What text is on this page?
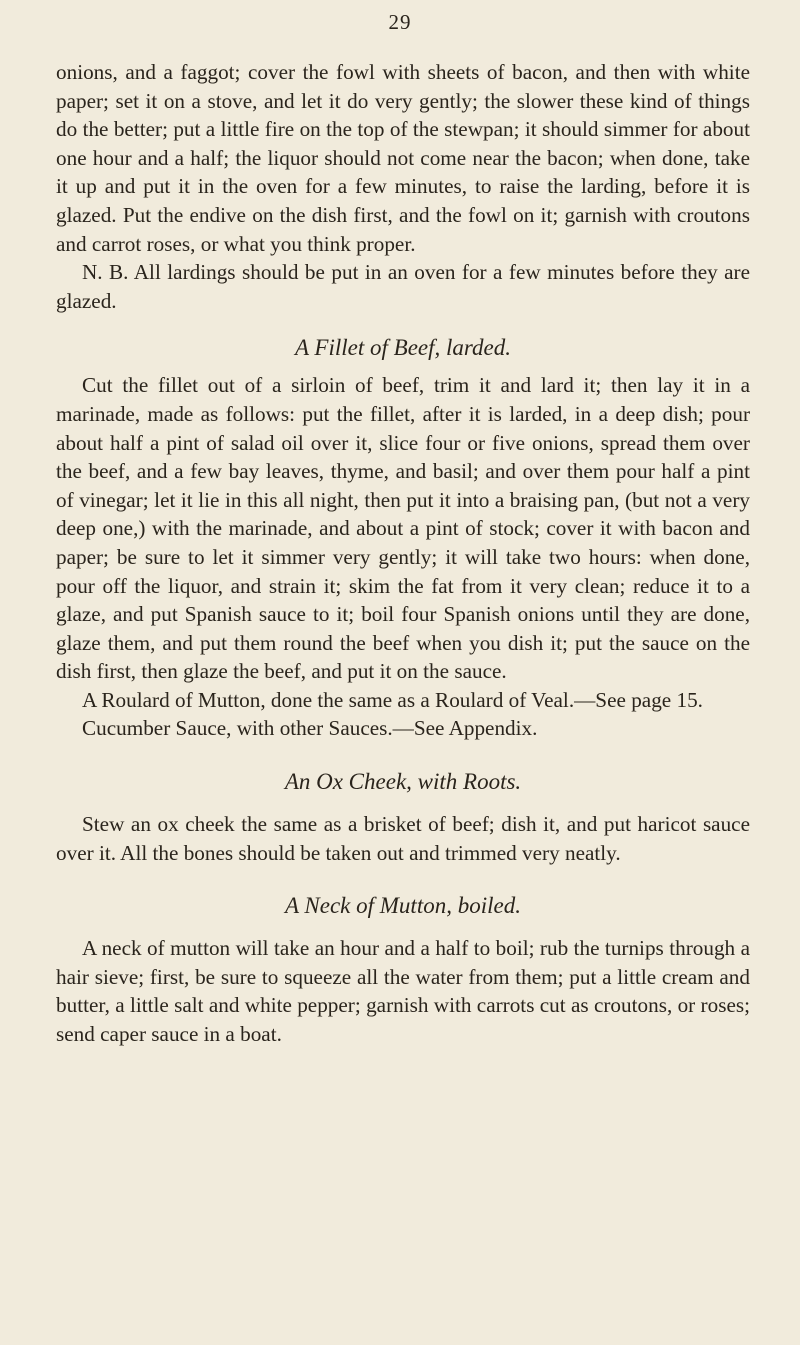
29

onions, and a faggot; cover the fowl with sheets of bacon, and then with white paper; set it on a stove, and let it do very gently; the slower these kind of things do the better; put a little fire on the top of the stewpan; it should simmer for about one hour and a half; the liquor should not come near the bacon; when done, take it up and put it in the oven for a few minutes, to raise the larding, before it is glazed. Put the endive on the dish first, and the fowl on it; garnish with croutons and carrot roses, or what you think proper.

N. B. All lardings should be put in an oven for a few minutes before they are glazed.

A Fillet of Beef, larded.

Cut the fillet out of a sirloin of beef, trim it and lard it; then lay it in a marinade, made as follows: put the fillet, after it is larded, in a deep dish; pour about half a pint of salad oil over it, slice four or five onions, spread them over the beef, and a few bay leaves, thyme, and basil; and over them pour half a pint of vinegar; let it lie in this all night, then put it into a braising pan, (but not a very deep one,) with the marinade, and about a pint of stock; cover it with bacon and paper; be sure to let it simmer very gently; it will take two hours: when done, pour off the liquor, and strain it; skim the fat from it very clean; reduce it to a glaze, and put Spanish sauce to it; boil four Spanish onions until they are done, glaze them, and put them round the beef when you dish it; put the sauce on the dish first, then glaze the beef, and put it on the sauce.

A Roulard of Mutton, done the same as a Roulard of Veal.—See page 15.

Cucumber Sauce, with other Sauces.—See Appendix.

An Ox Cheek, with Roots.

Stew an ox cheek the same as a brisket of beef; dish it, and put haricot sauce over it. All the bones should be taken out and trimmed very neatly.

A Neck of Mutton, boiled.

A neck of mutton will take an hour and a half to boil; rub the turnips through a hair sieve; first, be sure to squeeze all the water from them; put a little cream and butter, a little salt and white pepper; garnish with carrots cut as croutons, or roses; send caper sauce in a boat.
